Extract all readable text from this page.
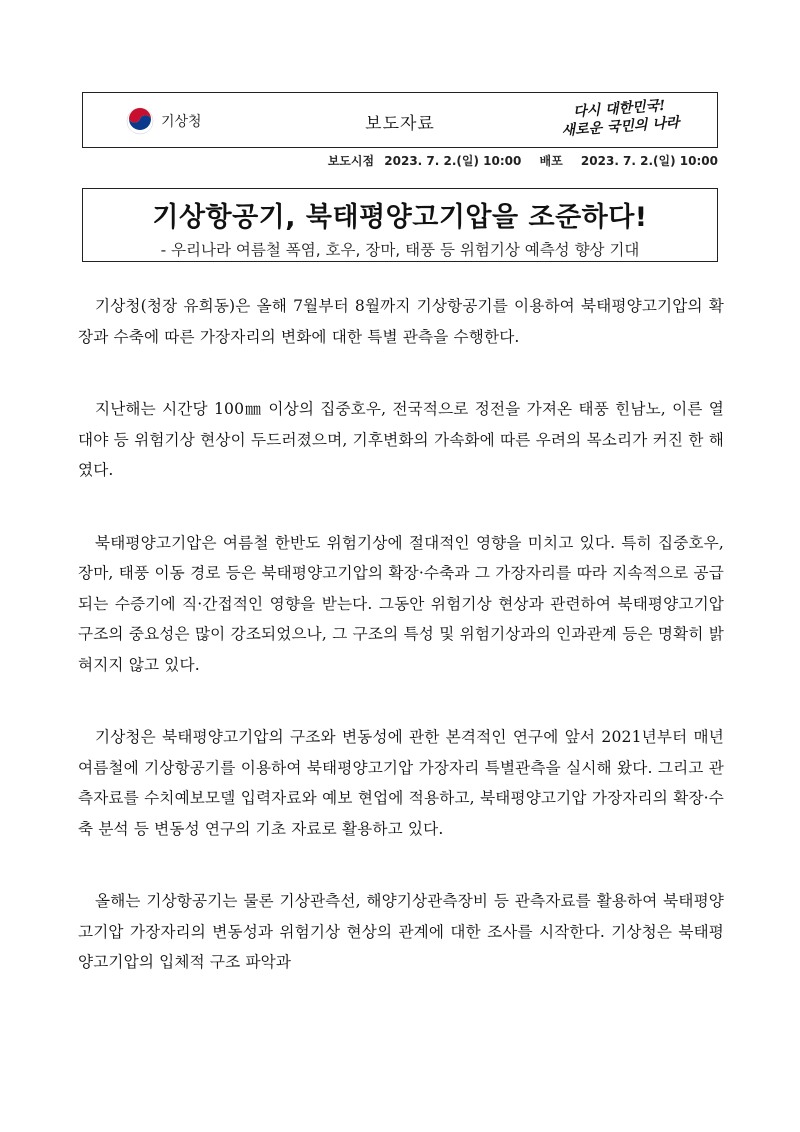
기상청	보도자료
다시 대한민국!
새로운 국민의 나라
보도시점 2023. 7. 2.(일) 10:00 배포 2023. 7. 2.(일) 10:00
기상항공기, 북태평양고기압을 조준하다!
- 우리나라 여름철 폭염, 호우, 장마, 태풍 등 위험기상 예측성 향상 기대

기상청(청장 유희동)은 올해 7월부터 8월까지 기상항공기를 이용하여 북태평양고기압의 확장과 수축에 따른 가장자리의 변화에 대한 특별 관측을 수행한다.

지난해는 시간당 100㎜ 이상의 집중호우, 전국적으로 정전을 가져온 태풍 힌남노, 이른 열대야 등 위험기상 현상이 두드러졌으며, 기후변화의 가속화에 따른 우려의 목소리가 커진 한 해였다.

북태평양고기압은 여름철 한반도 위험기상에 절대적인 영향을 미치고 있다. 특히 집중호우, 장마, 태풍 이동 경로 등은 북태평양고기압의 확장·수축과 그 가장자리를 따라 지속적으로 공급되는 수증기에 직·간접적인 영향을 받는다. 그동안 위험기상 현상과 관련하여 북태평양고기압 구조의 중요성은 많이 강조되었으나, 그 구조의 특성 및 위험기상과의 인과관계 등은 명확히 밝혀지지 않고 있다.

기상청은 북태평양고기압의 구조와 변동성에 관한 본격적인 연구에 앞서 2021년부터 매년 여름철에 기상항공기를 이용하여 북태평양고기압 가장자리 특별관측을 실시해 왔다. 그리고 관측자료를 수치예보모델 입력자료와 예보 현업에 적용하고, 북태평양고기압 가장자리의 확장·수축 분석 등 변동성 연구의 기초 자료로 활용하고 있다.

올해는 기상항공기는 물론 기상관측선, 해양기상관측장비 등 관측자료를 활용하여 북태평양고기압 가장자리의 변동성과 위험기상 현상의 관계에 대한 조사를 시작한다. 기상청은 북태평양고기압의 입체적 구조 파악과
